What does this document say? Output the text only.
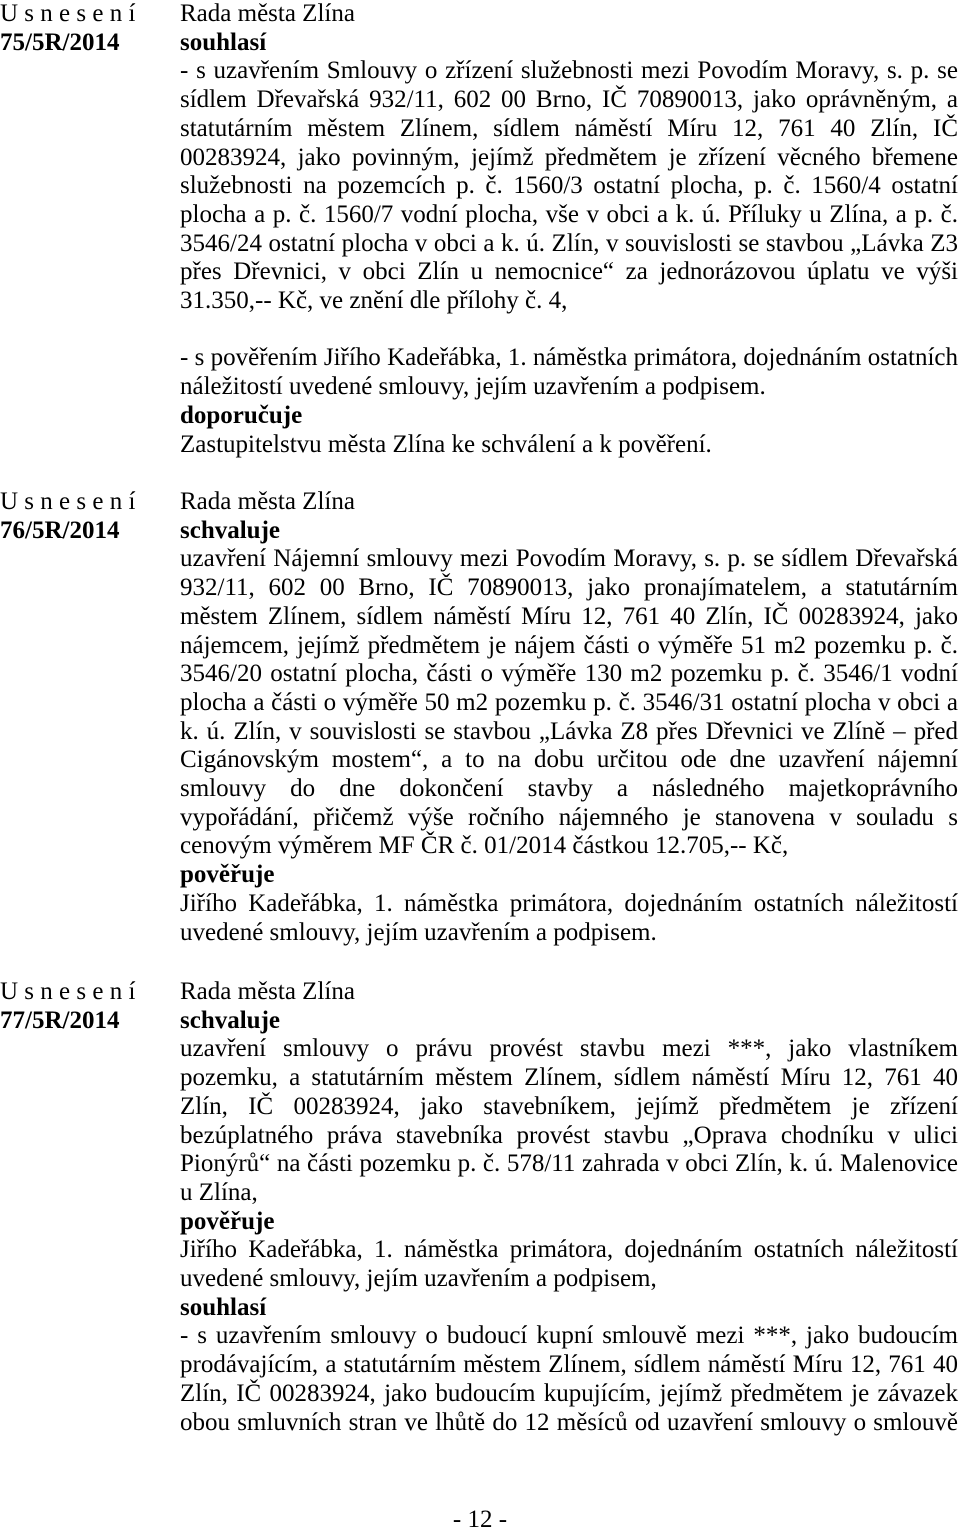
U s n e s e n í
75/5R/2014

Rada města Zlína

souhlasí

- s uzavřením Smlouvy o zřízení služebnosti mezi Povodím Moravy, s. p. se sídlem Dřevařská 932/11, 602 00 Brno, IČ 70890013, jako oprávněným, a statutárním městem Zlínem, sídlem náměstí Míru 12, 761 40 Zlín, IČ 00283924, jako povinným, jejímž předmětem je zřízení věcného břemene služebnosti na pozemcích p. č. 1560/3 ostatní plocha, p. č. 1560/4 ostatní plocha a p. č. 1560/7 vodní plocha, vše v obci a k. ú. Příluky u Zlína, a p. č. 3546/24 ostatní plocha v obci a k. ú. Zlín, v souvislosti se stavbou „Lávka Z3 přes Dřevnici, v obci Zlín u nemocnice“ za jednorázovou úplatu ve výši 31.350,-- Kč, ve znění dle přílohy č. 4,

- s pověřením Jiřího Kadeřábka, 1. náměstka primátora, dojednáním ostatních náležitostí uvedené smlouvy, jejím uzavřením a podpisem.

doporučuje

Zastupitelstvu města Zlína ke schválení a k pověření.

U s n e s e n í
76/5R/2014

Rada města Zlína

schvaluje

uzavření Nájemní smlouvy mezi Povodím Moravy, s. p. se sídlem Dřevařská 932/11, 602 00 Brno, IČ 70890013, jako pronajímatelem, a statutárním městem Zlínem, sídlem náměstí Míru 12, 761 40 Zlín, IČ 00283924, jako nájemcem, jejímž předmětem je nájem části o výměře 51 m2 pozemku p. č. 3546/20 ostatní plocha, části o výměře 130 m2 pozemku p. č. 3546/1 vodní plocha a části o výměře 50 m2 pozemku p. č. 3546/31 ostatní plocha v obci a k. ú. Zlín, v souvislosti se stavbou „Lávka Z8 přes Dřevnici ve Zlíně – před Cigánovským mostem“, a to na dobu určitou ode dne uzavření nájemní smlouvy do dne dokončení stavby a následného majetkoprávního vypořádání, přičemž výše ročního nájemného je stanovena v souladu s cenovým výměrem MF ČR č. 01/2014 částkou 12.705,-- Kč,

pověřuje

Jiřího Kadeřábka, 1. náměstka primátora, dojednáním ostatních náležitostí uvedené smlouvy, jejím uzavřením a podpisem.

U s n e s e n í
77/5R/2014

Rada města Zlína

schvaluje

uzavření smlouvy o právu provést stavbu mezi ***, jako vlastníkem pozemku, a statutárním městem Zlínem, sídlem náměstí Míru 12, 761 40 Zlín, IČ 00283924, jako stavebníkem, jejímž předmětem je zřízení bezúplatného práva stavebníka provést stavbu „Oprava chodníku v ulici Pionýrů“ na části pozemku p. č. 578/11 zahrada v obci Zlín, k. ú. Malenovice u Zlína,

pověřuje

Jiřího Kadeřábka, 1. náměstka primátora, dojednáním ostatních náležitostí uvedené smlouvy, jejím uzavřením a podpisem,

souhlasí

- s uzavřením smlouvy o budoucí kupní smlouvě mezi ***, jako budoucím prodávajícím, a statutárním městem Zlínem, sídlem náměstí Míru 12, 761 40 Zlín, IČ 00283924, jako budoucím kupujícím, jejímž předmětem je závazek obou smluvních stran ve lhůtě do 12 měsíců od uzavření smlouvy o smlouvě

- 12 -
